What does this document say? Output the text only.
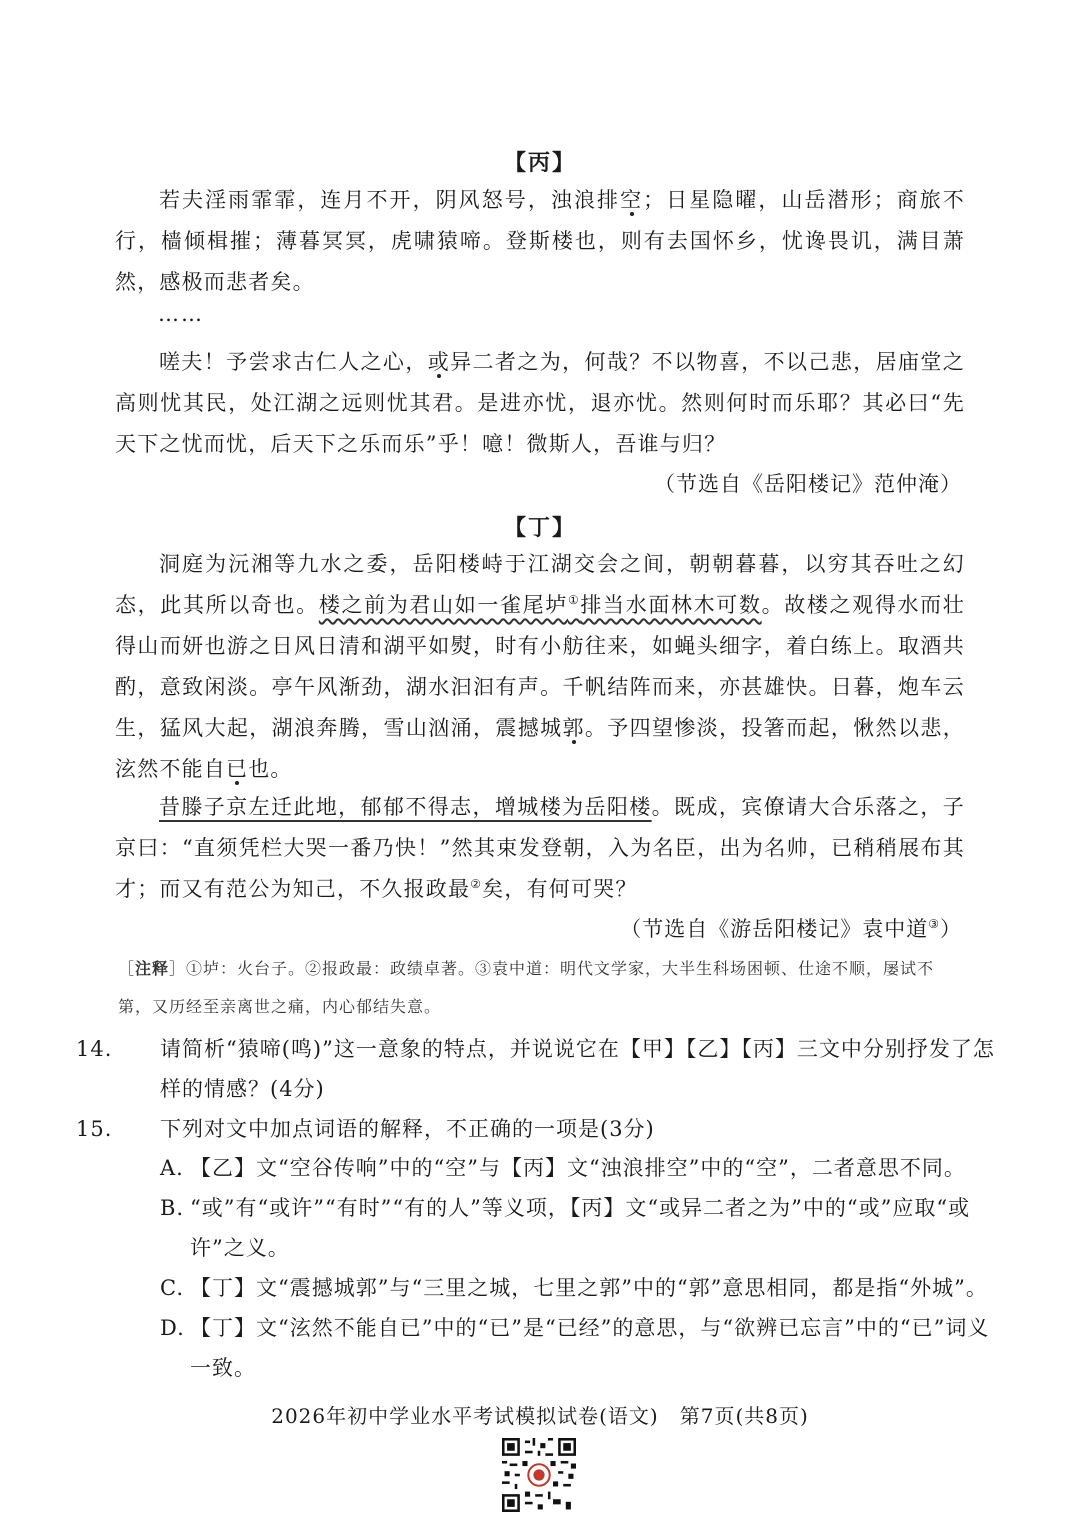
【丙】

若夫淫雨霏霏，连月不开，阴风怒号，浊浪排空；日星隐曜，山岳潜形；商旅不行，樯倾楫摧；薄暮冥冥，虎啸猿啼。登斯楼也，则有去国怀乡，忧谗畏讥，满目萧然，感极而悲者矣。

……

嗟夫！予尝求古仁人之心，或异二者之为，何哉？不以物喜，不以己悲，居庙堂之高则忧其民，处江湖之远则忧其君。是进亦忧，退亦忧。然则何时而乐耶？其必曰“先天下之忧而忧，后天下之乐而乐”乎！噫！微斯人，吾谁与归？

（节选自《岳阳楼记》范仲淹）
【丁】

洞庭为沅湘等九水之委，岳阳楼峙于江湖交会之间，朝朝暮暮，以穷其吞吐之幻态，此其所以奇也。楼之前为君山如一雀尾垆①排当水面林木可数。故楼之观得水而壮得山而妍也游之日风日清和湖平如熨，时有小舫往来，如蝇头细字，着白练上。取酒共酌，意致闲淡。亭午风渐劲，湖水汩汩有声。千帆结阵而来，亦甚雄快。日暮，炮车云生，猛风大起，湖浪奔腾，雪山汹涌，震撼城郭。予四望惨淡，投箸而起，愀然以悲，泫然不能自已也。

昔滕子京左迁此地，郁郁不得志，增城楼为岳阳楼。既成，宾僚请大合乐落之，子京曰：“直须凭栏大哭一番乃快！”然其束发登朝，入为名臣，出为名帅，已稍稍展布其才；而又有范公为知己，不久报政最②矣，有何可哭？

（节选自《游岳阳楼记》袁中道③）

［注释］①垆：火台子。②报政最：政绩卓著。③袁中道：明代文学家，大半生科场困顿、仕途不顺，屡试不第，又历经至亲离世之痛，内心郁结失意。

14. 请简析“猿啼(鸣)”这一意象的特点，并说说它在【甲】【乙】【丙】三文中分别抒发了怎样的情感？(4分)

15. 下列对文中加点词语的解释，不正确的一项是(3分)

A. 【乙】文“空谷传响”中的“空”与【丙】文“浊浪排空”中的“空”，二者意思不同。

B. “或”有“或许”“有时”“有的人”等义项，【丙】文“或异二者之为”中的“或”应取“或许”之义。

C. 【丁】文“震撼城郭”与“三里之城，七里之郭”中的“郭”意思相同，都是指“外城”。

D. 【丁】文“泫然不能自已”中的“已”是“已经”的意思，与“欲辨已忘言”中的“已”词义一致。

2026年初中学业水平考试模拟试卷(语文)　第7页(共8页)
